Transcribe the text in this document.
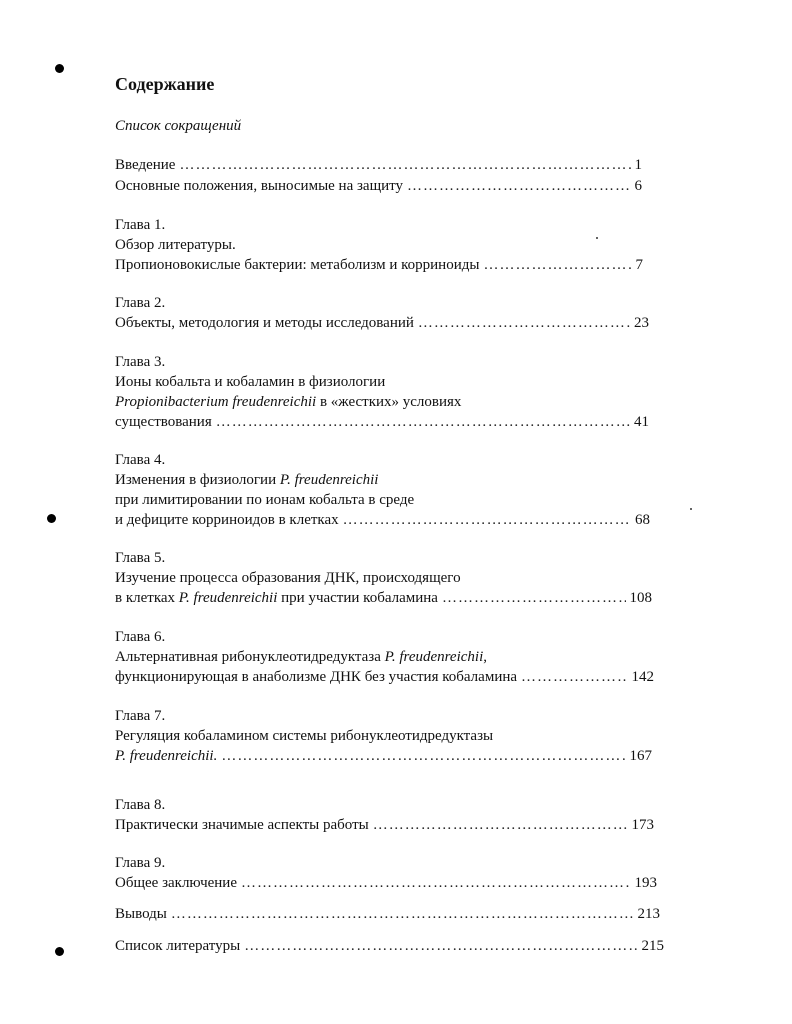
Содержание
Список сокращений
Введение …………………………………………………………………………………………………………………………………	1
Основные положения, выносимые на защиту …………………………………………………………………………………………………………………………………	6
Глава 1.
Обзор литературы.
Пропионовокислые бактерии: метаболизм и корриноиды …………………………………………………………………………………………………………………………………	7
Глава 2.
Объекты, методология и методы исследований …………………………………………………………………………………………………………………………………	23
Глава 3.
Ионы кобальта и кобаламин в физиологии
Propionibacterium freudenreichii в «жестких» условиях
существования …………………………………………………………………………………………………………………………………	41
Глава 4.
Изменения в физиологии P. freudenreichii
при лимитировании по ионам кобальта в среде
и дефиците корриноидов в клетках …………………………………………………………………………………………………………………………………	68
Глава 5.
Изучение процесса образования ДНК, происходящего
в клетках P. freudenreichii при участии кобаламина …………………………………………………………………………………………………………………………………	108
Глава 6.
Альтернативная рибонуклеотидредуктаза P. freudenreichii,
функционирующая в анаболизме ДНК без участия кобаламина …………………………………………………………………………………………………………………………………	142
Глава 7.
Регуляция кобаламином системы рибонуклеотидредуктазы
P. freudenreichii. …………………………………………………………………………………………………………………………………	167
Глава 8.
Практически значимые аспекты работы …………………………………………………………………………………………………………………………………	173
Глава 9.
Общее заключение …………………………………………………………………………………………………………………………………	193
Выводы …………………………………………………………………………………………………………………………………	213
Список литературы …………………………………………………………………………………………………………………………………	215
